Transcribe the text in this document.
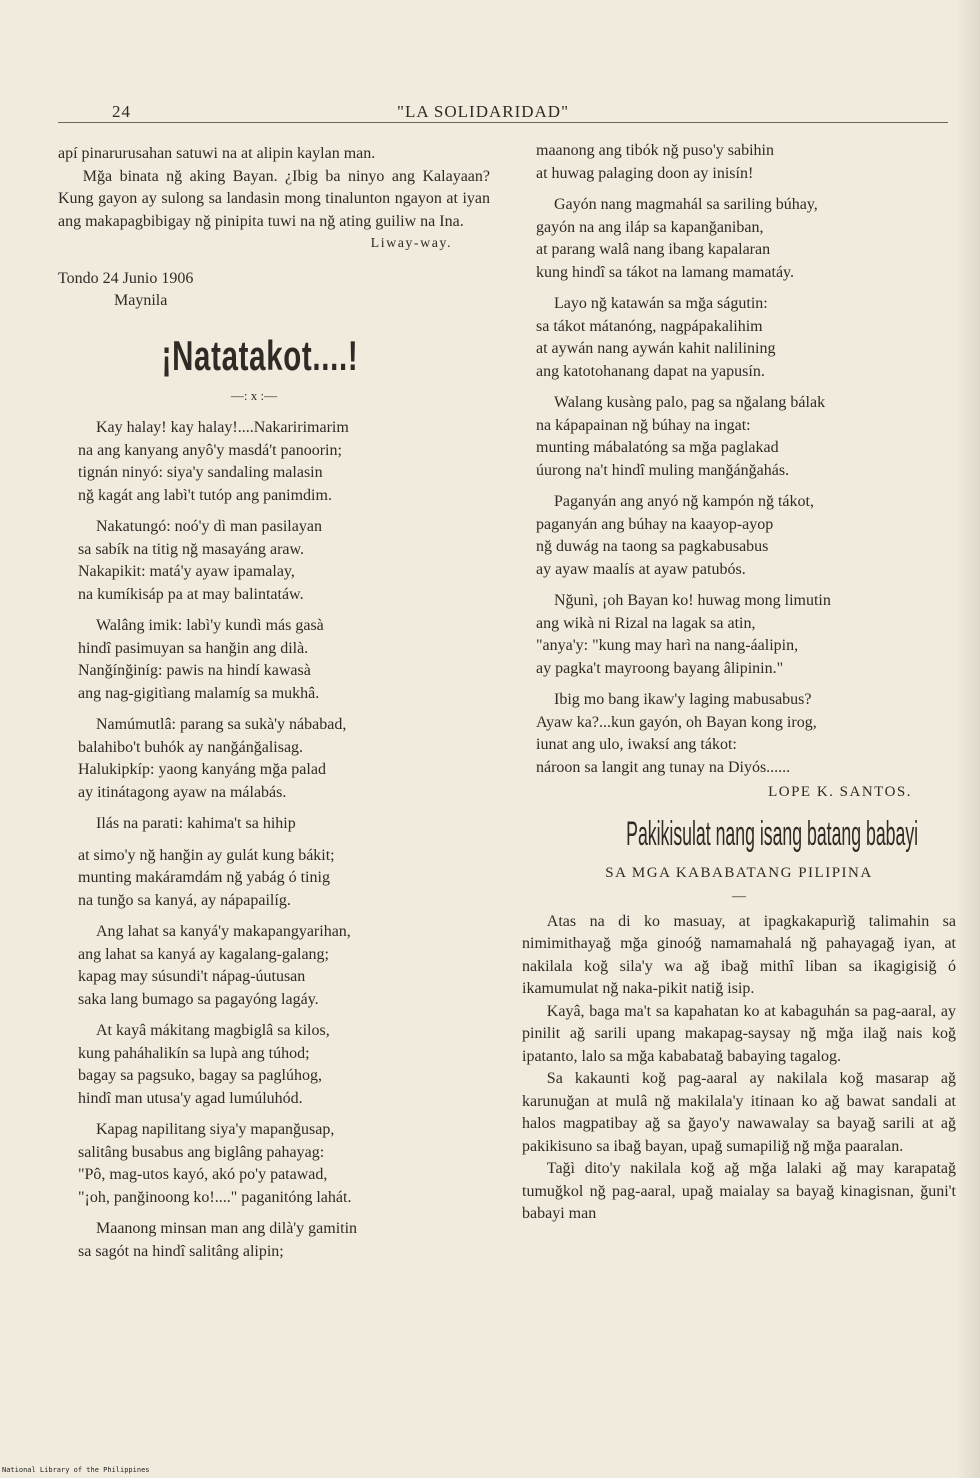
24	"LA SOLIDARIDAD"

apí pinarurusahan satuwi na at alipin kaylan man.

Mğa binata nğ aking Bayan. ¿Ibig ba ninyo ang Kalayaan? Kung gayon ay sulong sa landasin mong tinalunton ngayon at iyan ang makapagbibigay nğ pinipita tuwi na nğ ating guiliw na Ina.

Liway-way.

Tondo 24 Junio 1906
Maynila
¡Natatakot....!
—: x :—
Kay halay! kay halay!....Nakaririmarim
na ang kanyang anyô'y masdá't panoorin;
tignán ninyó: siya'y sandaling malasin
nğ kagát ang labì't tutóp ang panimdim.
Nakatungó: noó'y dì man pasilayan
sa sabík na titig nğ masayáng araw.
Nakapikit: matá'y ayaw ipamalay,
na kumíkisáp pa at may balintatáw.
Walâng imik: labì'y kundì más gasà
hindî pasimuyan sa hanğin ang dilà.
Nanğínğiníg: pawis na hindí kawasà
ang nag-gigitìang malamíg sa mukhâ.
Namúmutlâ: parang sa sukà'y nábabad,
balahibo't buhók ay nanğánğalisag.
Halukipkíp: yaong kanyáng mğa palad
ay itinátagong ayaw na málabás.
Ilás na parati: kahima't sa hihip
at simo'y nğ hanğin ay gulát kung bákit;
munting makáramdám nğ yabág ó tinig
na tunğo sa kanyá, ay nápapailíg.
Ang lahat sa kanyá'y makapangyarihan,
ang lahat sa kanyá ay kagalang-galang;
kapag may súsundi't nápag-úutusan
saka lang bumago sa pagayóng lagáy.
At kayâ mákitang magbiglâ sa kilos,
kung paháhalikín sa lupà ang túhod;
bagay sa pagsuko, bagay sa paglúhog,
hindî man utusa'y agad lumúluhód.
Kapag napilitang siya'y mapanğusap,
salitâng busabus ang biglâng pahayag:
"Pô, mag-utos kayó, akó po'y patawad,
"¡oh, panğinoong ko!...." paganitóng lahát.
Maanong minsan man ang dilà'y gamitin
sa sagót na hindî salitâng alipin;
maanong ang tibók nğ puso'y sabihin
at huwag palaging doon ay inisín!
Gayón nang magmahál sa sariling búhay,
gayón na ang iláp sa kapanğaniban,
at parang walâ nang ibang kapalaran
kung hindî sa tákot na lamang mamatáy.
Layo nğ katawán sa mğa ságutin:
sa tákot mátanóng, nagpápakalihim
at aywán nang aywán kahit nalilining
ang katotohanang dapat na yapusín.
Walang kusàng palo, pag sa nğalang bálak
na kápapainan nğ búhay na ingat:
munting mábalatóng sa mğa paglakad
úurong na't hindî muling manğánğahás.
Paganyán ang anyó nğ kampón nğ tákot,
paganyán ang búhay na kaayop-ayop
nğ duwág na taong sa pagkabusabus
ay ayaw maalís at ayaw patubós.
Nğunì, ¡oh Bayan ko! huwag mong limutin
ang wikà ni Rizal na lagak sa atin,
"anya'y: "kung may harì na nang-áalipin,
ay pagka't mayroong bayang âlipinin."
Ibig mo bang ikaw'y laging mabusabus?
Ayaw ka?...kun gayón, oh Bayan kong irog,
iunat ang ulo, iwaksí ang tákot:
nároon sa langit ang tunay na Diyós......

LOPE K. SANTOS.

Pakikisulat nang isang batang babayi
SA MGA KABABATANG PILIPINA
—

Atas na di ko masuay, at ipagkakapurìğ talimahin sa nimimithayağ mğa ginoóğ namamahalá nğ pahayagağ iyan, at nakilala koğ sila'y wa ağ ibağ mithî liban sa ikagigisiğ ó ikamumulat nğ naka-pikit natiğ isip.

Kayâ, baga ma't sa kapahatan ko at kabaguhán sa pag-aaral, ay pinilit ağ sarili upang makapag-saysay nğ mğa ilağ nais koğ ipatanto, lalo sa mğa kababatağ babaying tagalog.

Sa kakaunti koğ pag-aaral ay nakilala koğ masarap ağ karunuğan at mulâ nğ makilala'y itinaan ko ağ bawat sandali at halos magpatibay ağ sa ğayo'y nawawalay sa bayağ sarili at ağ pakikisuno sa ibağ bayan, upağ sumapiliğ nğ mğa paaralan.

Tağì dito'y nakilala koğ ağ mğa lalaki ağ may karapatağ tumuğkol nğ pag-aaral, upağ maialay sa bayağ kinagisnan, ğuni't babayi man

National Library of the Philippines
